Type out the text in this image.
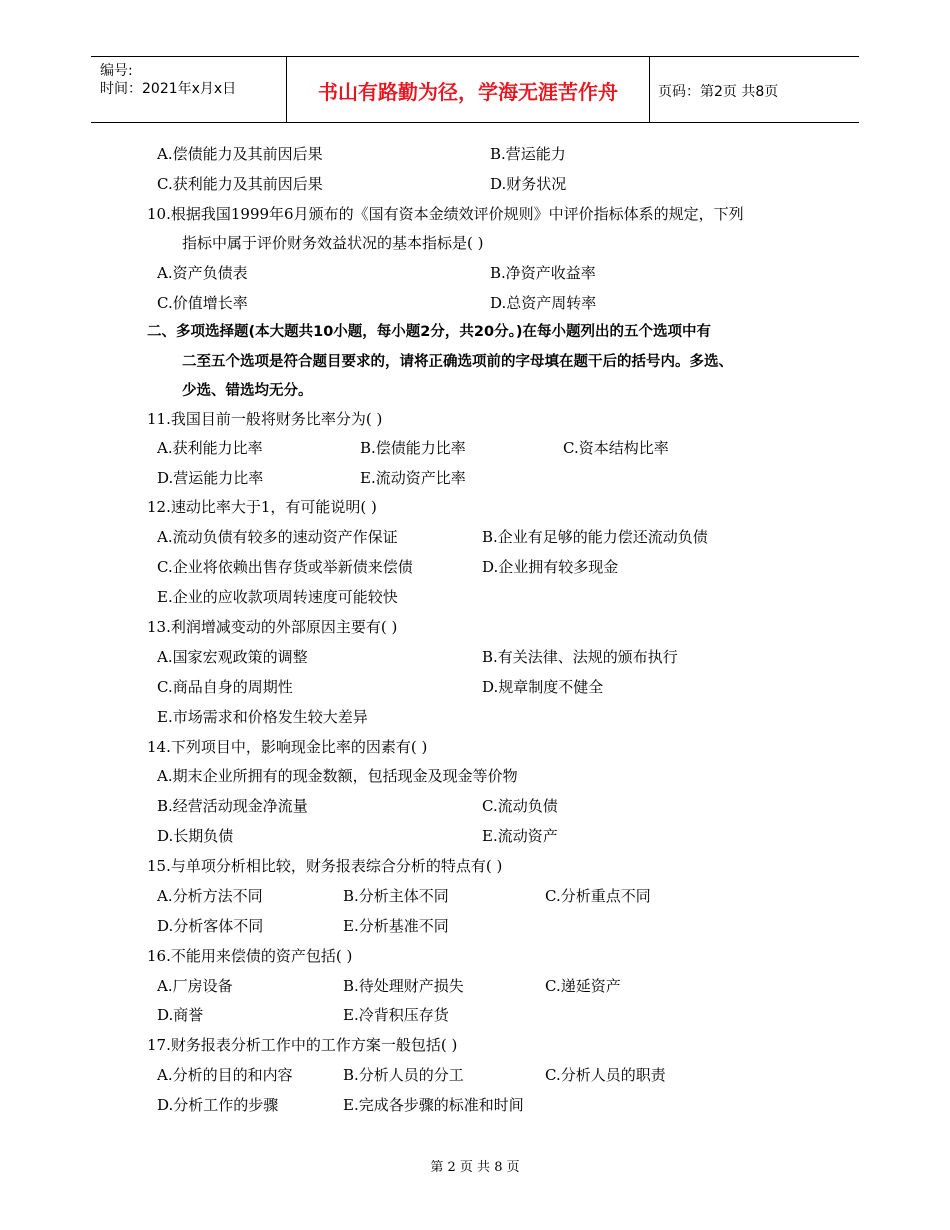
编号:
时间：2021年x月x日	书山有路勤为径，学海无涯苦作舟	页码：第2页 共8页
A.偿债能力及其前因后果	B.营运能力
C.获利能力及其前因后果	D.财务状况
10.根据我国1999年6月颁布的《国有资本金绩效评价规则》中评价指标体系的规定，下列
指标中属于评价财务效益状况的基本指标是( )
A.资产负债表	B.净资产收益率
C.价值增长率	D.总资产周转率
二、多项选择题(本大题共10小题，每小题2分，共20分。)在每小题列出的五个选项中有
二至五个选项是符合题目要求的，请将正确选项前的字母填在题干后的括号内。多选、
少选、错选均无分。
11.我国目前一般将财务比率分为( )
A.获利能力比率	B.偿债能力比率	C.资本结构比率
D.营运能力比率	E.流动资产比率
12.速动比率大于1，有可能说明( )
A.流动负债有较多的速动资产作保证	B.企业有足够的能力偿还流动负债
C.企业将依赖出售存货或举新债来偿债	D.企业拥有较多现金
E.企业的应收款项周转速度可能较快
13.利润增减变动的外部原因主要有( )
A.国家宏观政策的调整	B.有关法律、法规的颁布执行
C.商品自身的周期性	D.规章制度不健全
E.市场需求和价格发生较大差异
14.下列项目中，影响现金比率的因素有( )
A.期末企业所拥有的现金数额，包括现金及现金等价物
B.经营活动现金净流量	C.流动负债
D.长期负债	E.流动资产
15.与单项分析相比较，财务报表综合分析的特点有( )
A.分析方法不同	B.分析主体不同	C.分析重点不同
D.分析客体不同	E.分析基准不同
16.不能用来偿债的资产包括( )
A.厂房设备	B.待处理财产损失	C.递延资产
D.商誉	E.冷背积压存货
17.财务报表分析工作中的工作方案一般包括( )
A.分析的目的和内容	B.分析人员的分工	C.分析人员的职责
D.分析工作的步骤	E.完成各步骤的标准和时间
第 2 页 共 8 页
